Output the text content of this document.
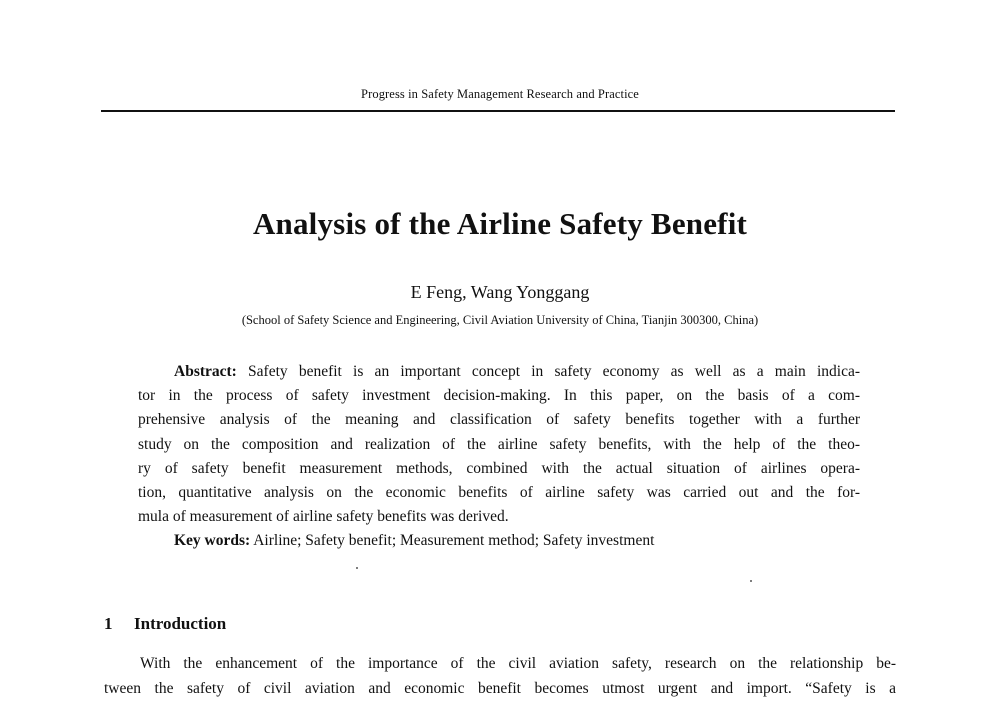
Progress in Safety Management Research and Practice
Analysis of the Airline Safety Benefit
E Feng, Wang Yonggang
(School of Safety Science and Engineering, Civil Aviation University of China, Tianjin 300300, China)
Abstract: Safety benefit is an important concept in safety economy as well as a main indica-
tor in the process of safety investment decision-making. In this paper, on the basis of a com-
prehensive analysis of the meaning and classification of safety benefits together with a further
study on the composition and realization of the airline safety benefits, with the help of the theo-
ry of safety benefit measurement methods, combined with the actual situation of airlines opera-
tion, quantitative analysis on the economic benefits of airline safety was carried out and the for-
mula of measurement of airline safety benefits was derived.
Key words: Airline; Safety benefit; Measurement method; Safety investment
1 Introduction
With the enhancement of the importance of the civil aviation safety, research on the relationship be-
tween the safety of civil aviation and economic benefit becomes utmost urgent and import. “Safety is a
